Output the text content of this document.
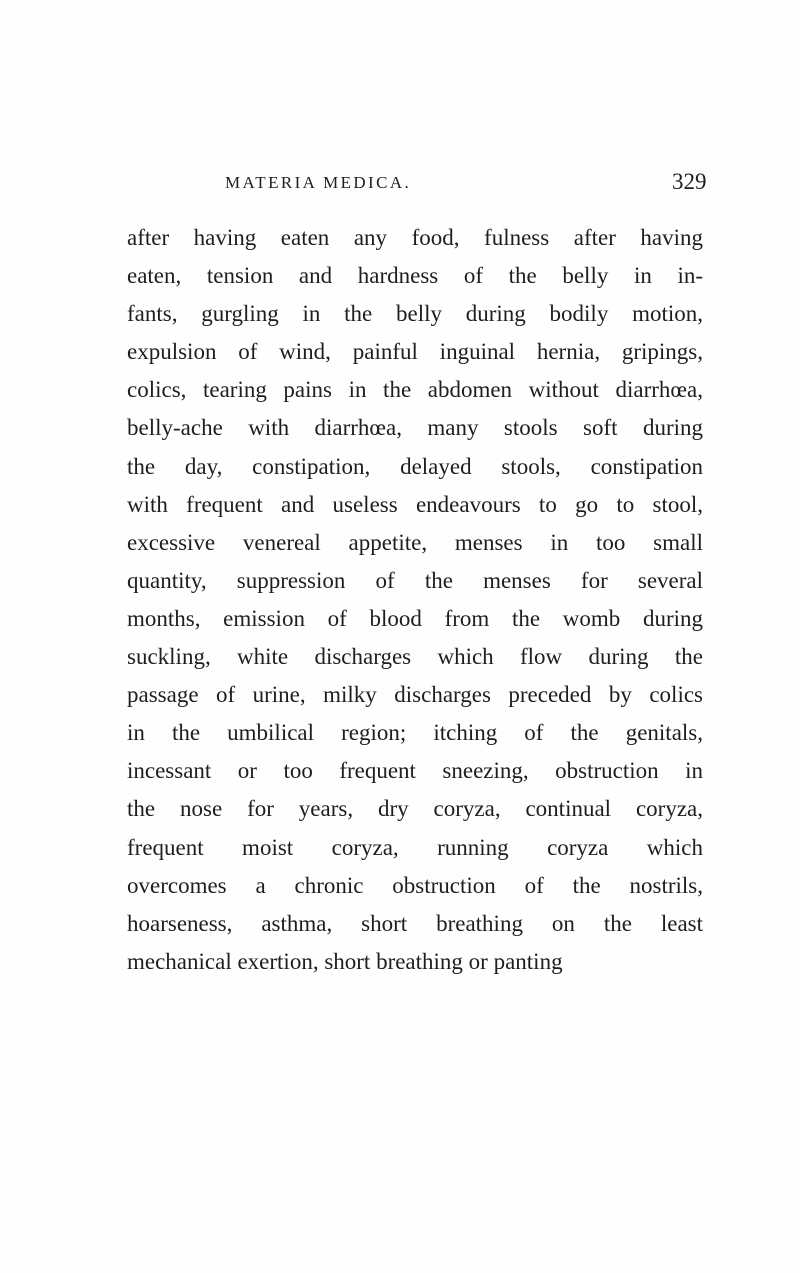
MATERIA MEDICA.	329
after having eaten any food, fulness after having
eaten, tension and hardness of the belly in in-
fants, gurgling in the belly during bodily motion,
expulsion of wind, painful inguinal hernia, gripings,
colics, tearing pains in the abdomen without diarrhœa,
belly-ache with diarrhœa, many stools soft during
the day, constipation, delayed stools, constipation
with frequent and useless endeavours to go to stool,
excessive venereal appetite, menses in too small
quantity, suppression of the menses for several
months, emission of blood from the womb during
suckling, white discharges which flow during the
passage of urine, milky discharges preceded by colics
in the umbilical region; itching of the genitals,
incessant or too frequent sneezing, obstruction in
the nose for years, dry coryza, continual coryza,
frequent moist coryza, running coryza which
overcomes a chronic obstruction of the nostrils,
hoarseness, asthma, short breathing on the least
mechanical exertion, short breathing or panting
